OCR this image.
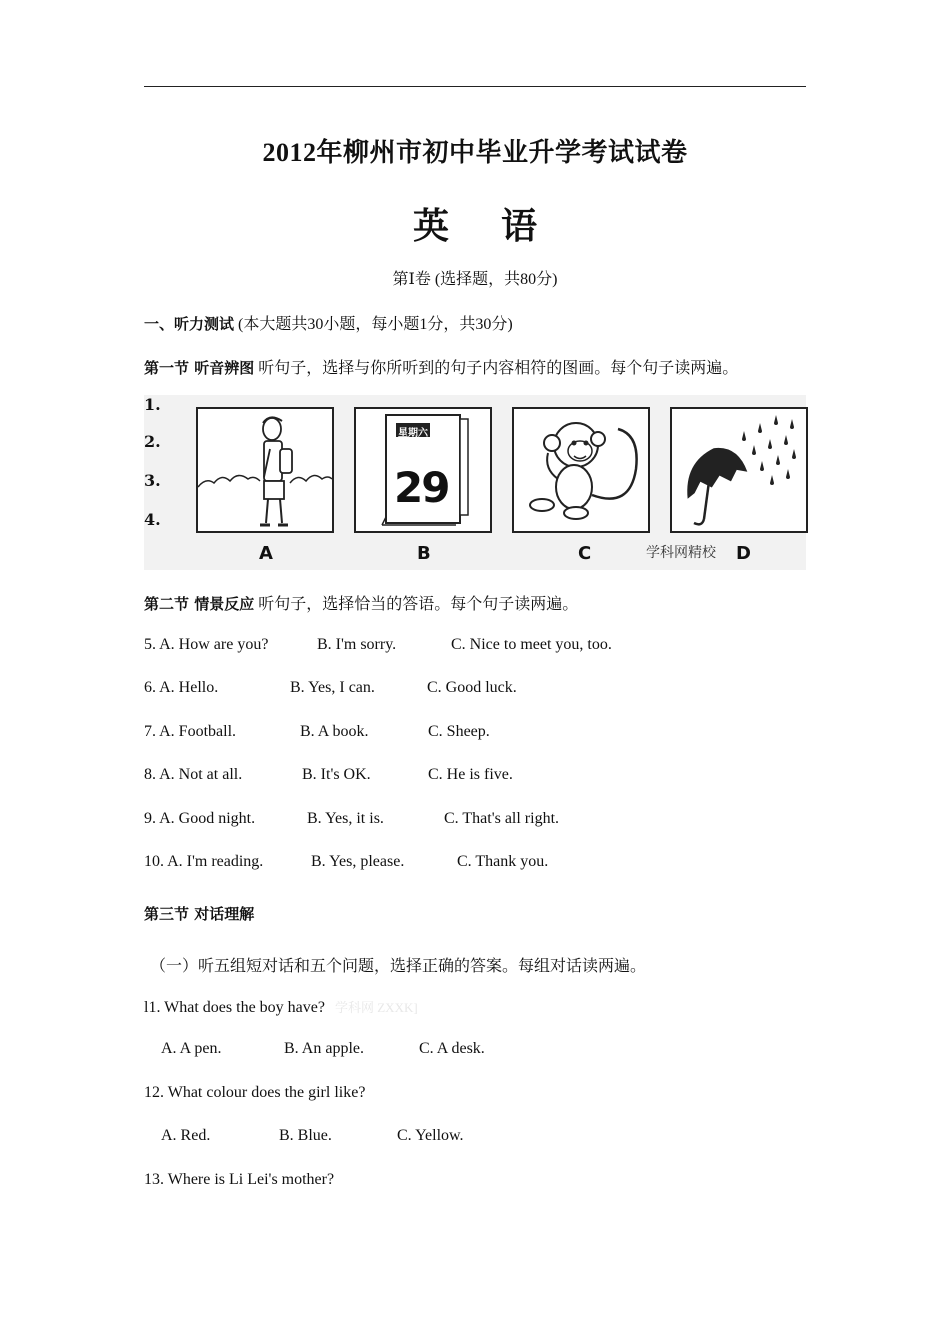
2012年柳州市初中毕业升学考试试卷
英 语
第Ⅰ卷 (选择题，共80分)
一、听力测试 (本大题共30小题，每小题1分，共30分)
第一节 听音辨图 听句子，选择与你所听到的句子内容相符的图画。每个句子读两遍。
1.
2.
3.
4.
星期六
29
A	B	C	学科网精校 D
第二节 情景反应 听句子，选择恰当的答语。每个句子读两遍。
5. A. How are you?	B. I'm sorry.	C. Nice to meet you, too.
6. A. Hello.	B. Yes, I can.	C. Good luck.
7. A. Football.	B. A book.	C. Sheep.
8. A. Not at all.	B. It's OK.	C. He is five.
9. A. Good night.	B. Yes, it is.	C. That's all right.
10. A. I'm reading.	B. Yes, please.	C. Thank you.
第三节 对话理解
（一）听五组短对话和五个问题，选择正确的答案。每组对话读两遍。
l1. What does the boy have? 学科网 ZXXK]
A. A pen.	B. An apple.	C. A desk.
12. What colour does the girl like?
A. Red.	B. Blue.	C. Yellow.
13. Where is Li Lei's mother?
